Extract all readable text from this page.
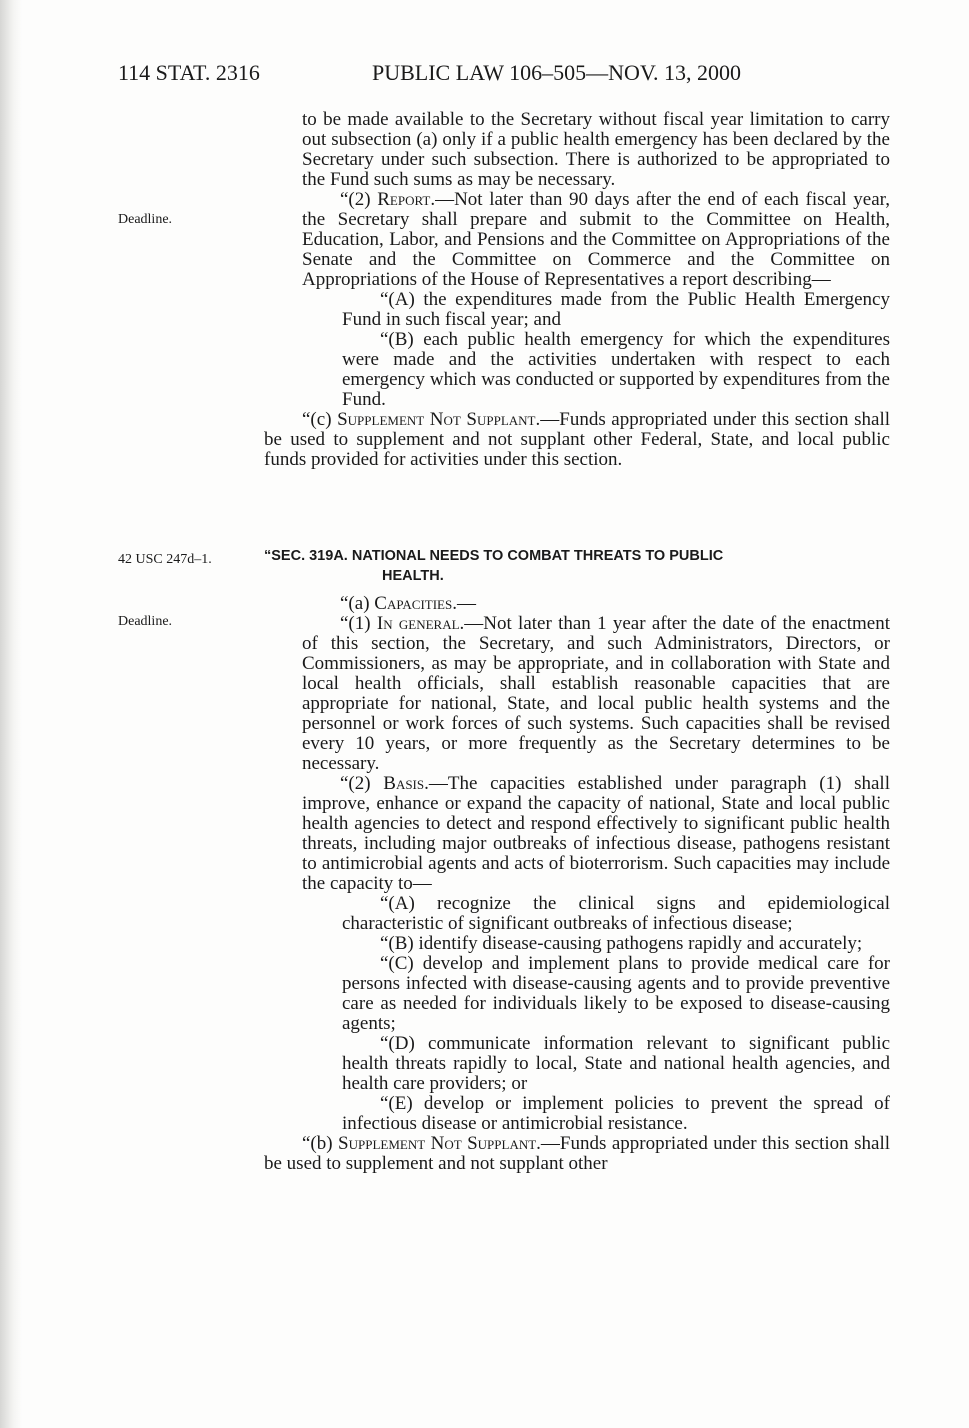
114 STAT. 2316	PUBLIC LAW 106–505—NOV. 13, 2000
Deadline.
42 USC 247d–1.
Deadline.

to be made available to the Secretary without fiscal year limitation to carry out subsection (a) only if a public health emergency has been declared by the Secretary under such subsection. There is authorized to be appropriated to the Fund such sums as may be necessary.

“(2) Report.—Not later than 90 days after the end of each fiscal year, the Secretary shall prepare and submit to the Committee on Health, Education, Labor, and Pensions and the Committee on Appropriations of the Senate and the Committee on Commerce and the Committee on Appropriations of the House of Representatives a report describing—

“(A) the expenditures made from the Public Health Emergency Fund in such fiscal year; and

“(B) each public health emergency for which the expenditures were made and the activities undertaken with respect to each emergency which was conducted or supported by expenditures from the Fund.

“(c) Supplement Not Supplant.—Funds appropriated under this section shall be used to supplement and not supplant other Federal, State, and local public funds provided for activities under this section.

“SEC. 319A. NATIONAL NEEDS TO COMBAT THREATS TO PUBLIC
HEALTH.

“(a) Capacities.—

“(1) In general.—Not later than 1 year after the date of the enactment of this section, the Secretary, and such Administrators, Directors, or Commissioners, as may be appropriate, and in collaboration with State and local health officials, shall establish reasonable capacities that are appropriate for national, State, and local public health systems and the personnel or work forces of such systems. Such capacities shall be revised every 10 years, or more frequently as the Secretary determines to be necessary.

“(2) Basis.—The capacities established under paragraph (1) shall improve, enhance or expand the capacity of national, State and local public health agencies to detect and respond effectively to significant public health threats, including major outbreaks of infectious disease, pathogens resistant to antimicrobial agents and acts of bioterrorism. Such capacities may include the capacity to—

“(A) recognize the clinical signs and epidemiological characteristic of significant outbreaks of infectious disease;

“(B) identify disease-causing pathogens rapidly and accurately;

“(C) develop and implement plans to provide medical care for persons infected with disease-causing agents and to provide preventive care as needed for individuals likely to be exposed to disease-causing agents;

“(D) communicate information relevant to significant public health threats rapidly to local, State and national health agencies, and health care providers; or

“(E) develop or implement policies to prevent the spread of infectious disease or antimicrobial resistance.

“(b) Supplement Not Supplant.—Funds appropriated under this section shall be used to supplement and not supplant other
